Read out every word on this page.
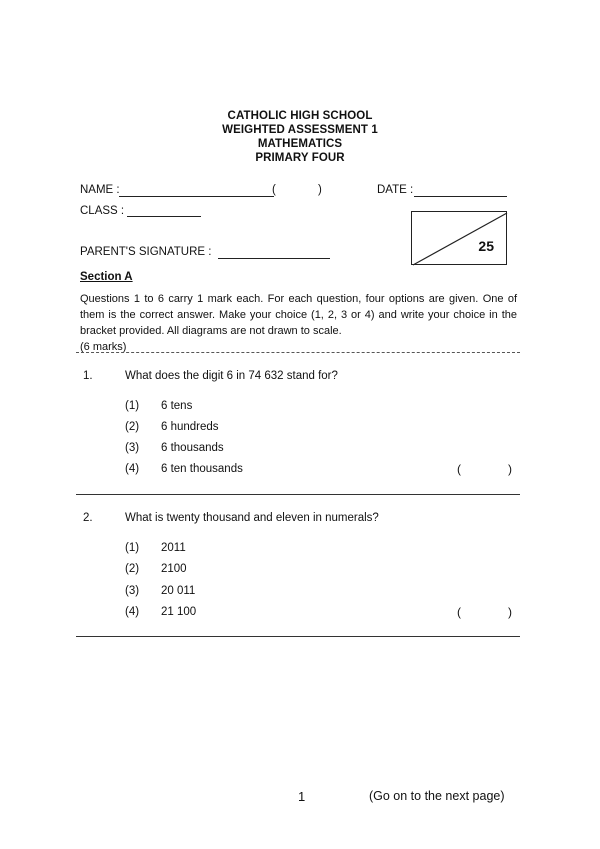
CATHOLIC HIGH SCHOOL
WEIGHTED ASSESSMENT 1
MATHEMATICS
PRIMARY FOUR
NAME :	(	)	DATE :
CLASS :
PARENT'S SIGNATURE :	25
Section A
Questions 1 to 6 carry 1 mark each. For each question, four options are given. One of them is the correct answer. Make your choice (1, 2, 3 or 4) and write your choice in the bracket provided. All diagrams are not drawn to scale.
(6 marks)
1.	What does the digit 6 in 74 632 stand for?
(1) 6 tens
(2) 6 hundreds
(3) 6 thousands
(4) 6 ten thousands	(	)
2.	What is twenty thousand and eleven in numerals?
(1) 2011
(2) 2100
(3) 20 011
(4) 21 100	(	)
1	(Go on to the next page)
